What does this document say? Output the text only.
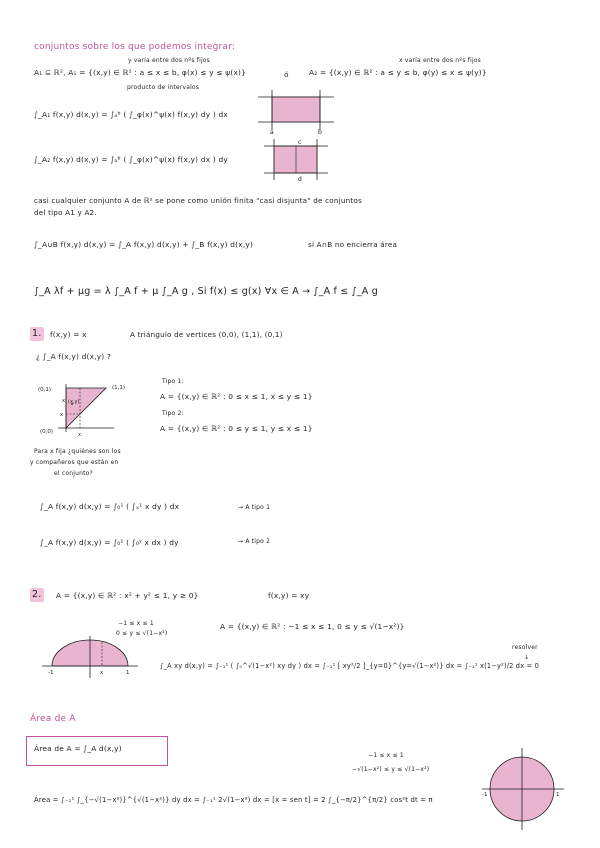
conjuntos sobre los que podemos integrar:
y varía entre dos nºs fijos	x varía entre dos nºs fijos
A₁ ⊆ ℝ², A₁ = {(x,y) ∈ ℝ² : a ≤ x ≤ b, φ(x) ≤ y ≤ ψ(x)}	ó	A₂ = {(x,y) ∈ ℝ² : a ≤ y ≤ b, φ(y) ≤ x ≤ ψ(y)}
producto de intervalos
∫_A₁ f(x,y) d(x,y) = ∫ₐᵇ ( ∫_φ(x)^ψ(x) f(x,y) dy ) dx
∫_A₂ f(x,y) d(x,y) = ∫ₐᵇ ( ∫_φ(x)^ψ(x) f(x,y) dx ) dy
a	b
c
d
casi cualquier conjunto A de ℝ² se pone como unión finita "casi disjunta" de conjuntos
del tipo A1 y A2.
∫_A∪B f(x,y) d(x,y) = ∫_A f(x,y) d(x,y) + ∫_B f(x,y) d(x,y)	si A∩B no encierra área
∫_A λf + μg = λ ∫_A f + μ ∫_A g , Si f(x) ≤ g(x) ∀x ∈ A → ∫_A f ≤ ∫_A g
1. f(x,y) = x	A triángulo de vertices (0,0), (1,1), (0,1)
¿ ∫_A f(x,y) d(x,y) ?
(0,1)	(1,1)
(x,y)
(0,0)
x
x
x
Tipo 1:
A = {(x,y) ∈ ℝ² : 0 ≤ x ≤ 1, x ≤ y ≤ 1}
Tipo 2:
A = {(x,y) ∈ ℝ² : 0 ≤ y ≤ 1, y ≤ x ≤ 1}
Para x fija ¿quiénes son los
y compañeros que están en
el conjunto?
∫_A f(x,y) d(x,y) = ∫₀¹ ( ∫ₓ¹ x dy ) dx	→ A tipo 1
∫_A f(x,y) d(x,y) = ∫₀¹ ( ∫₀ʸ x dx ) dy	→ A tipo 2
2. A = {(x,y) ∈ ℝ² : x² + y² ≤ 1, y ≥ 0}	f(x,y) = xy
−1 ≤ x ≤ 1
0 ≤ y ≤ √(1−x²)
A = {(x,y) ∈ ℝ² : −1 ≤ x ≤ 1, 0 ≤ y ≤ √(1−x²)}
-1	x	1
resolver
↓
∫_A xy d(x,y) = ∫₋₁¹ ( ∫₀^√(1−x²) xy dy ) dx = ∫₋₁¹ [ xy²/2 ]_{y=0}^{y=√(1−x²)} dx = ∫₋₁¹ x(1−y²)/2 dx = 0
Área de A
Área de A = ∫_A d(x,y)
−1 ≤ x ≤ 1
−√(1−x²) ≤ y ≤ √(1−x²)
Área = ∫₋₁¹ ∫_{−√(1−x²)}^{√(1−x²)} dy dx = ∫₋₁¹ 2√(1−x²) dx = [x = sen t] = 2 ∫_{−π/2}^{π/2} cos²t dt = π
-1	1
